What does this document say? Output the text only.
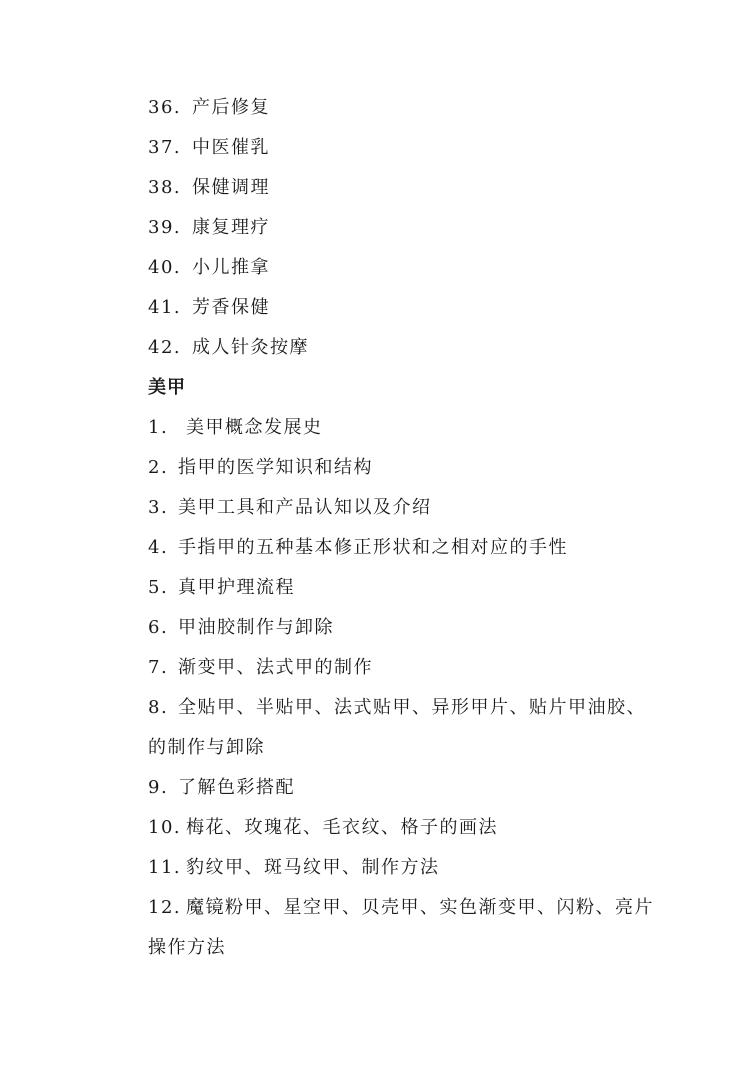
36. 产后修复
37. 中医催乳
38. 保健调理
39. 康复理疗
40. 小儿推拿
41. 芳香保健
42. 成人针灸按摩
美甲
1. 美甲概念发展史
2. 指甲的医学知识和结构
3. 美甲工具和产品认知以及介绍
4. 手指甲的五种基本修正形状和之相对应的手性
5. 真甲护理流程
6. 甲油胶制作与卸除
7. 渐变甲、法式甲的制作
8. 全贴甲、半贴甲、法式贴甲、异形甲片、贴片甲油胶、
的制作与卸除
9. 了解色彩搭配
10. 梅花、玫瑰花、毛衣纹、格子的画法
11. 豹纹甲、斑马纹甲、制作方法
12. 魔镜粉甲、星空甲、贝壳甲、实色渐变甲、闪粉、亮片
操作方法
